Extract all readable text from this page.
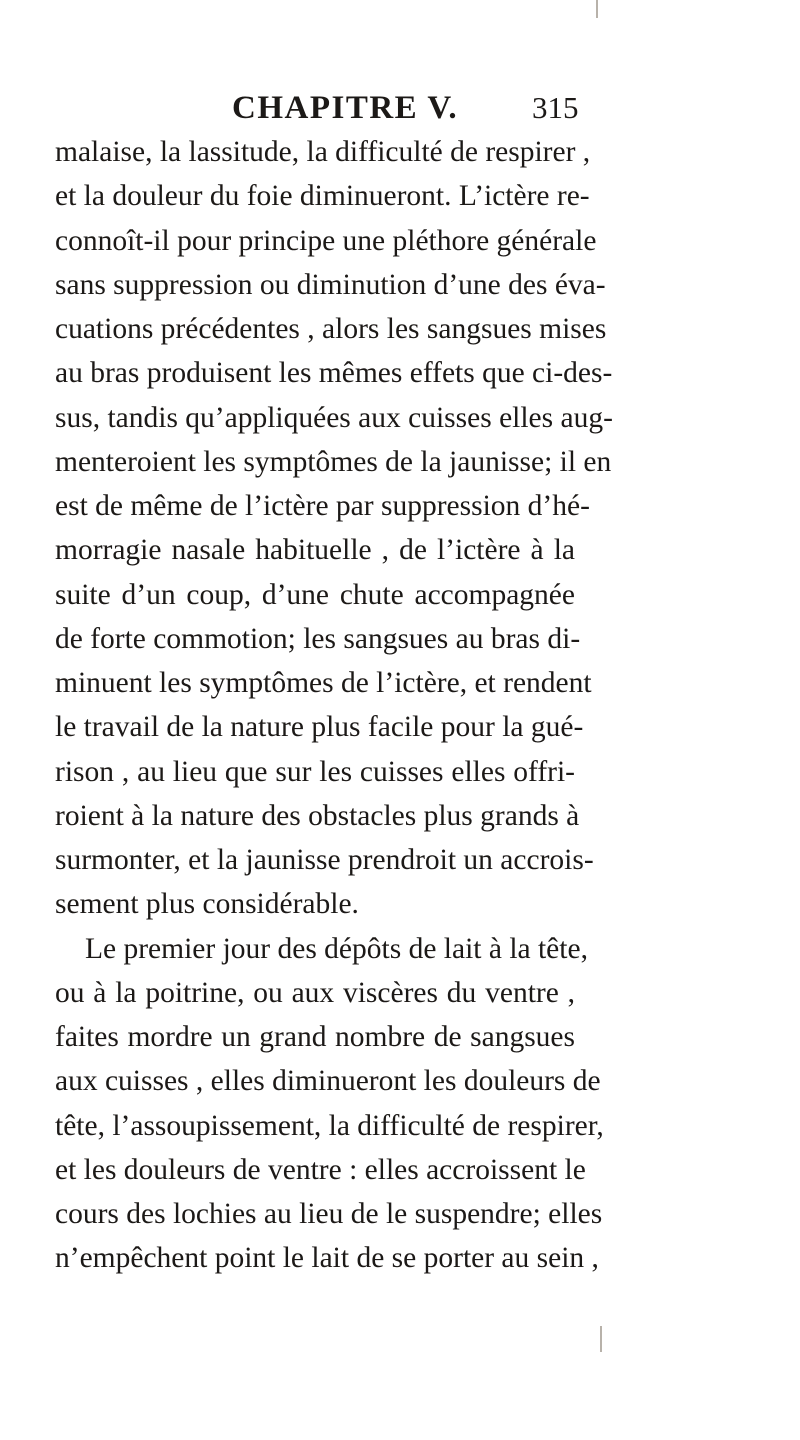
CHAPITRE V. 315
malaise, la lassitude, la difficulté de respirer ,
et la douleur du foie diminueront. L’ictère re-
connoît-il pour principe une pléthore générale
sans suppression ou diminution d’une des éva-
cuations précédentes , alors les sangsues mises
au bras produisent les mêmes effets que ci-des-
sus, tandis qu’appliquées aux cuisses elles aug-
menteroient les symptômes de la jaunisse; il en
est de même de l’ictère par suppression d’hé-
morragie nasale habituelle , de l’ictère à la
suite d’un coup, d’une chute accompagnée
de forte commotion; les sangsues au bras di-
minuent les symptômes de l’ictère, et rendent
le travail de la nature plus facile pour la gué-
rison , au lieu que sur les cuisses elles offri-
roient à la nature des obstacles plus grands à
surmonter, et la jaunisse prendroit un accrois-
sement plus considérable.
Le premier jour des dépôts de lait à la tête,
ou à la poitrine, ou aux viscères du ventre ,
faites mordre un grand nombre de sangsues
aux cuisses , elles diminueront les douleurs de
tête, l’assoupissement, la difficulté de respirer,
et les douleurs de ventre : elles accroissent le
cours des lochies au lieu de le suspendre; elles
n’empêchent point le lait de se porter au sein ,
